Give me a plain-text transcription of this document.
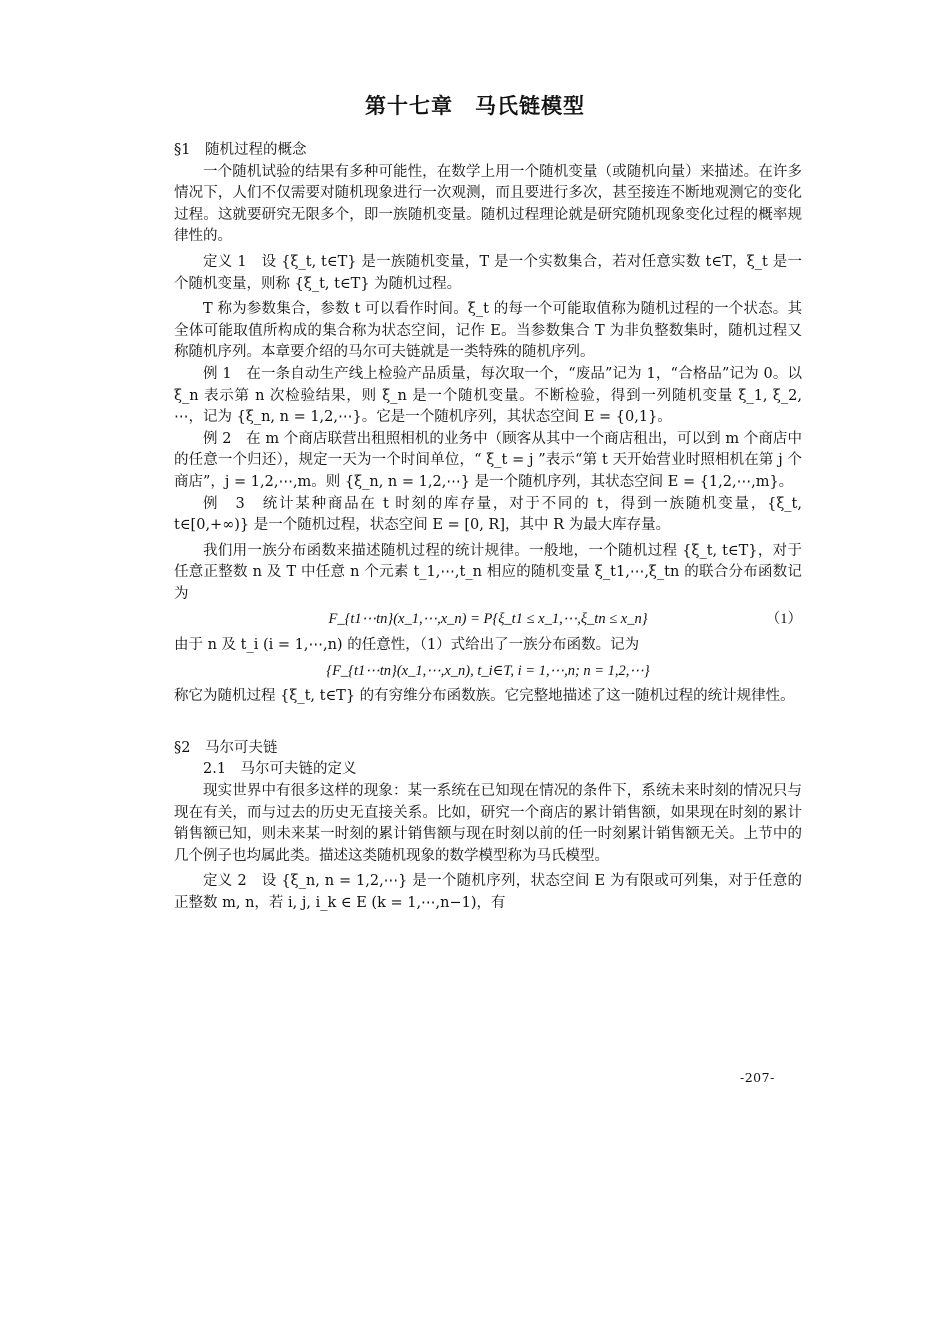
第十七章　马氏链模型

§1　随机过程的概念

一个随机试验的结果有多种可能性，在数学上用一个随机变量（或随机向量）来描述。在许多情况下，人们不仅需要对随机现象进行一次观测，而且要进行多次，甚至接连不断地观测它的变化过程。这就要研究无限多个，即一族随机变量。随机过程理论就是研究随机现象变化过程的概率规律性的。

定义 1　设 {ξ_t, t∈T} 是一族随机变量，T 是一个实数集合，若对任意实数 t∈T，ξ_t 是一个随机变量，则称 {ξ_t, t∈T} 为随机过程。

T 称为参数集合，参数 t 可以看作时间。ξ_t 的每一个可能取值称为随机过程的一个状态。其全体可能取值所构成的集合称为状态空间，记作 E。当参数集合 T 为非负整数集时，随机过程又称随机序列。本章要介绍的马尔可夫链就是一类特殊的随机序列。

例 1　在一条自动生产线上检验产品质量，每次取一个，“废品”记为 1，“合格品”记为 0。以 ξ_n 表示第 n 次检验结果，则 ξ_n 是一个随机变量。不断检验，得到一列随机变量 ξ_1, ξ_2, ⋯，记为 {ξ_n, n = 1,2,⋯}。它是一个随机序列，其状态空间 E = {0,1}。

例 2　在 m 个商店联营出租照相机的业务中（顾客从其中一个商店租出，可以到 m 个商店中的任意一个归还），规定一天为一个时间单位，“ ξ_t = j ”表示“第 t 天开始营业时照相机在第 j 个商店”，j = 1,2,⋯,m。则 {ξ_n, n = 1,2,⋯} 是一个随机序列，其状态空间 E = {1,2,⋯,m}。

例　3　统计某种商品在 t 时刻的库存量，对于不同的 t，得到一族随机变量，{ξ_t, t∈[0,+∞)} 是一个随机过程，状态空间 E = [0, R]，其中 R 为最大库存量。

我们用一族分布函数来描述随机过程的统计规律。一般地，一个随机过程 {ξ_t, t∈T}，对于任意正整数 n 及 T 中任意 n 个元素 t_1,⋯,t_n 相应的随机变量 ξ_t1,⋯,ξ_tn 的联合分布函数记为

F_{t1⋯tn}(x_1,⋯,x_n) = P{ξ_t1 ≤ x_1,⋯,ξ_tn ≤ x_n}	（1）

由于 n 及 t_i (i = 1,⋯,n) 的任意性，（1）式给出了一族分布函数。记为

{F_{t1⋯tn}(x_1,⋯,x_n), t_i∈T, i = 1,⋯,n; n = 1,2,⋯}

称它为随机过程 {ξ_t, t∈T} 的有穷维分布函数族。它完整地描述了这一随机过程的统计规律性。

§2　马尔可夫链

2.1　马尔可夫链的定义

现实世界中有很多这样的现象：某一系统在已知现在情况的条件下，系统未来时刻的情况只与现在有关，而与过去的历史无直接关系。比如，研究一个商店的累计销售额，如果现在时刻的累计销售额已知，则未来某一时刻的累计销售额与现在时刻以前的任一时刻累计销售额无关。上节中的几个例子也均属此类。描述这类随机现象的数学模型称为马氏模型。

定义 2　设 {ξ_n, n = 1,2,⋯} 是一个随机序列，状态空间 E 为有限或可列集，对于任意的正整数 m, n，若 i, j, i_k ∈ E (k = 1,⋯,n−1)，有

-207-
